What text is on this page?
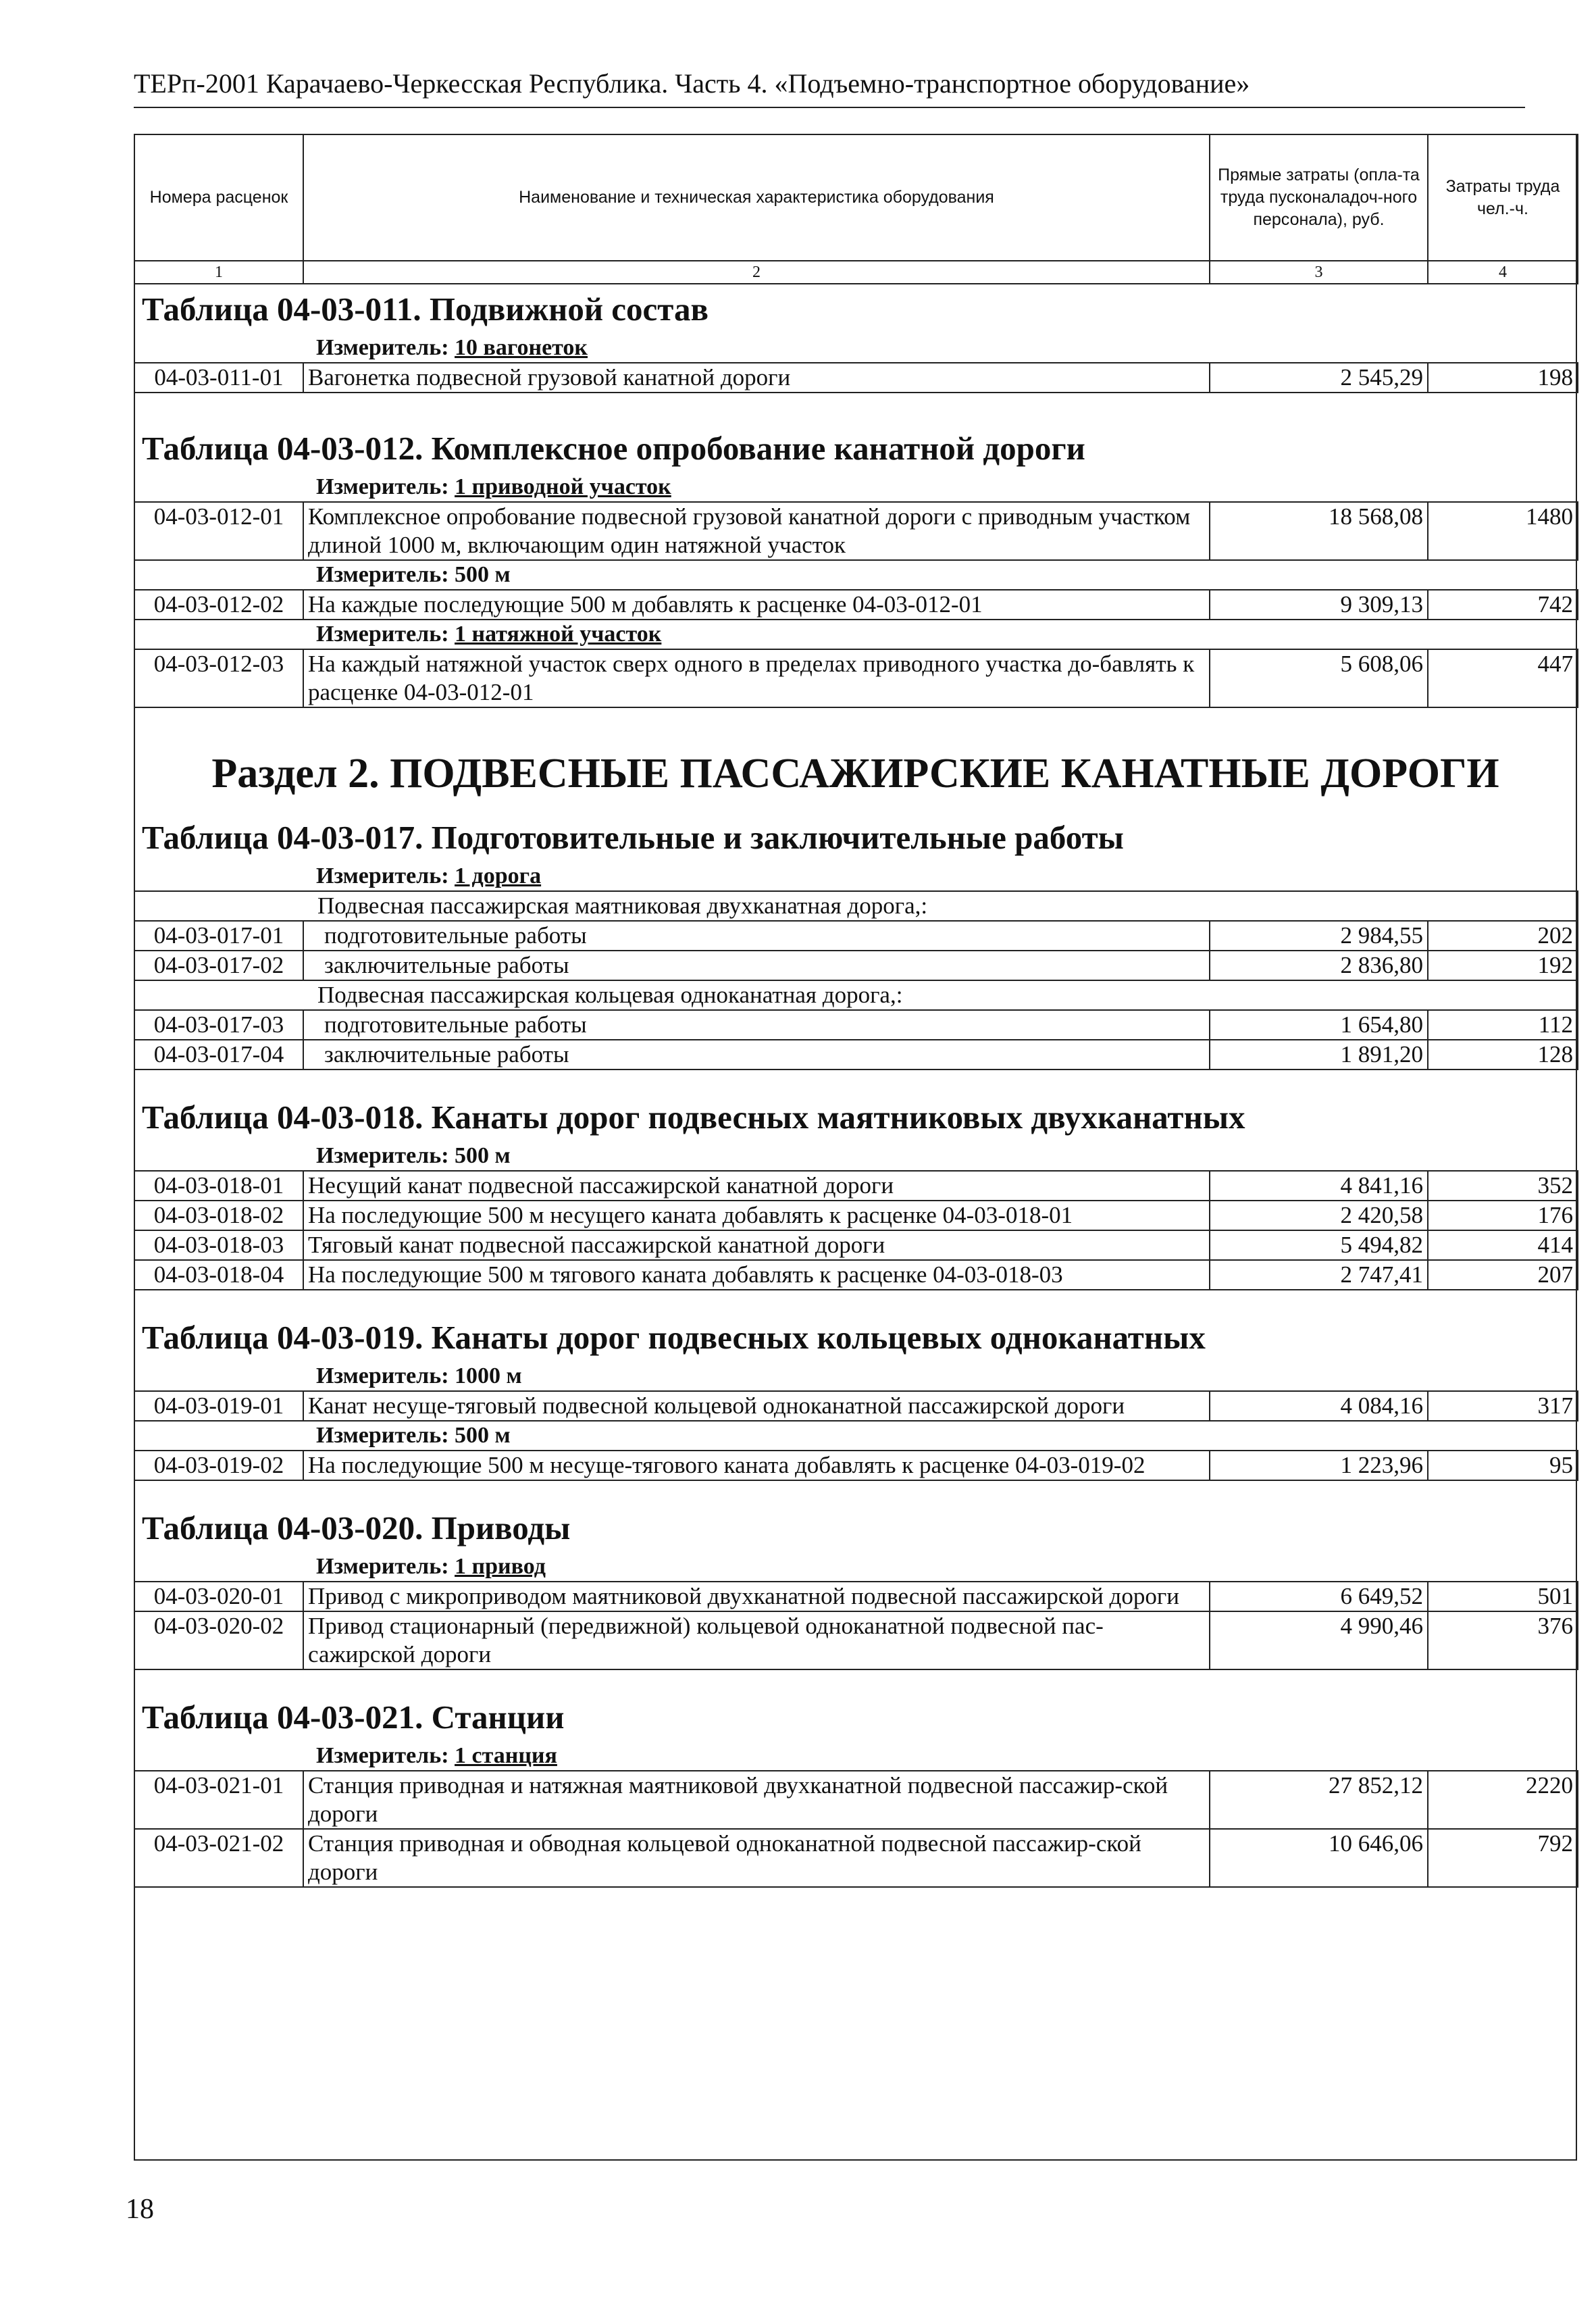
ТЕРп-2001 Карачаево-Черкесская Республика. Часть 4. «Подъемно-транспортное оборудование»
Номера расценок	Наименование и техническая характеристика оборудования	Прямые затраты (опла-та труда пусконаладоч-ного персонала), руб.	Затраты труда чел.-ч.
1	2	3	4
Таблица 04-03-011. Подвижной состав
Измеритель: 10 вагонеток
04-03-011-01	Вагонетка подвесной грузовой канатной дороги	2 545,29	198
Таблица 04-03-012. Комплексное опробование канатной дороги
Измеритель: 1 приводной участок
04-03-012-01	Комплексное опробование подвесной грузовой канатной дороги с приводным участком длиной 1000 м, включающим один натяжной участок	18 568,08	1480
Измеритель: 500 м
04-03-012-02	На каждые последующие 500 м добавлять к расценке 04-03-012-01	9 309,13	742
Измеритель: 1 натяжной участок
04-03-012-03	На каждый натяжной участок сверх одного в пределах приводного участка до-бавлять к расценке 04-03-012-01	5 608,06	447
Раздел 2. ПОДВЕСНЫЕ ПАССАЖИРСКИЕ КАНАТНЫЕ ДОРОГИ
Таблица 04-03-017. Подготовительные и заключительные работы
Измеритель: 1 дорога
Подвесная пассажирская маятниковая двухканатная дорога,:			
04-03-017-01	подготовительные работы	2 984,55	202
04-03-017-02	заключительные работы	2 836,80	192
Подвесная пассажирская кольцевая одноканатная дорога,:			
04-03-017-03	подготовительные работы	1 654,80	112
04-03-017-04	заключительные работы	1 891,20	128
Таблица 04-03-018. Канаты дорог подвесных маятниковых двухканатных
Измеритель: 500 м
04-03-018-01	Несущий канат подвесной пассажирской канатной дороги	4 841,16	352
04-03-018-02	На последующие 500 м несущего каната добавлять к расценке 04-03-018-01	2 420,58	176
04-03-018-03	Тяговый канат подвесной пассажирской канатной дороги	5 494,82	414
04-03-018-04	На последующие 500 м тягового каната добавлять к расценке 04-03-018-03	2 747,41	207
Таблица 04-03-019. Канаты дорог подвесных кольцевых одноканатных
Измеритель: 1000 м
04-03-019-01	Канат несуще-тяговый подвесной кольцевой одноканатной пассажирской дороги	4 084,16	317
Измеритель: 500 м
04-03-019-02	На последующие 500 м несуще-тягового каната добавлять к расценке 04-03-019-02	1 223,96	95
Таблица 04-03-020. Приводы
Измеритель: 1 привод
04-03-020-01	Привод с микроприводом маятниковой двухканатной подвесной пассажирской дороги	6 649,52	501
04-03-020-02	Привод стационарный (передвижной) кольцевой одноканатной подвесной пас-сажирской дороги	4 990,46	376
Таблица 04-03-021. Станции
Измеритель: 1 станция
04-03-021-01	Станция приводная и натяжная маятниковой двухканатной подвесной пассажир-ской дороги	27 852,12	2220
04-03-021-02	Станция приводная и обводная кольцевой одноканатной подвесной пассажир-ской дороги	10 646,06	792
18
